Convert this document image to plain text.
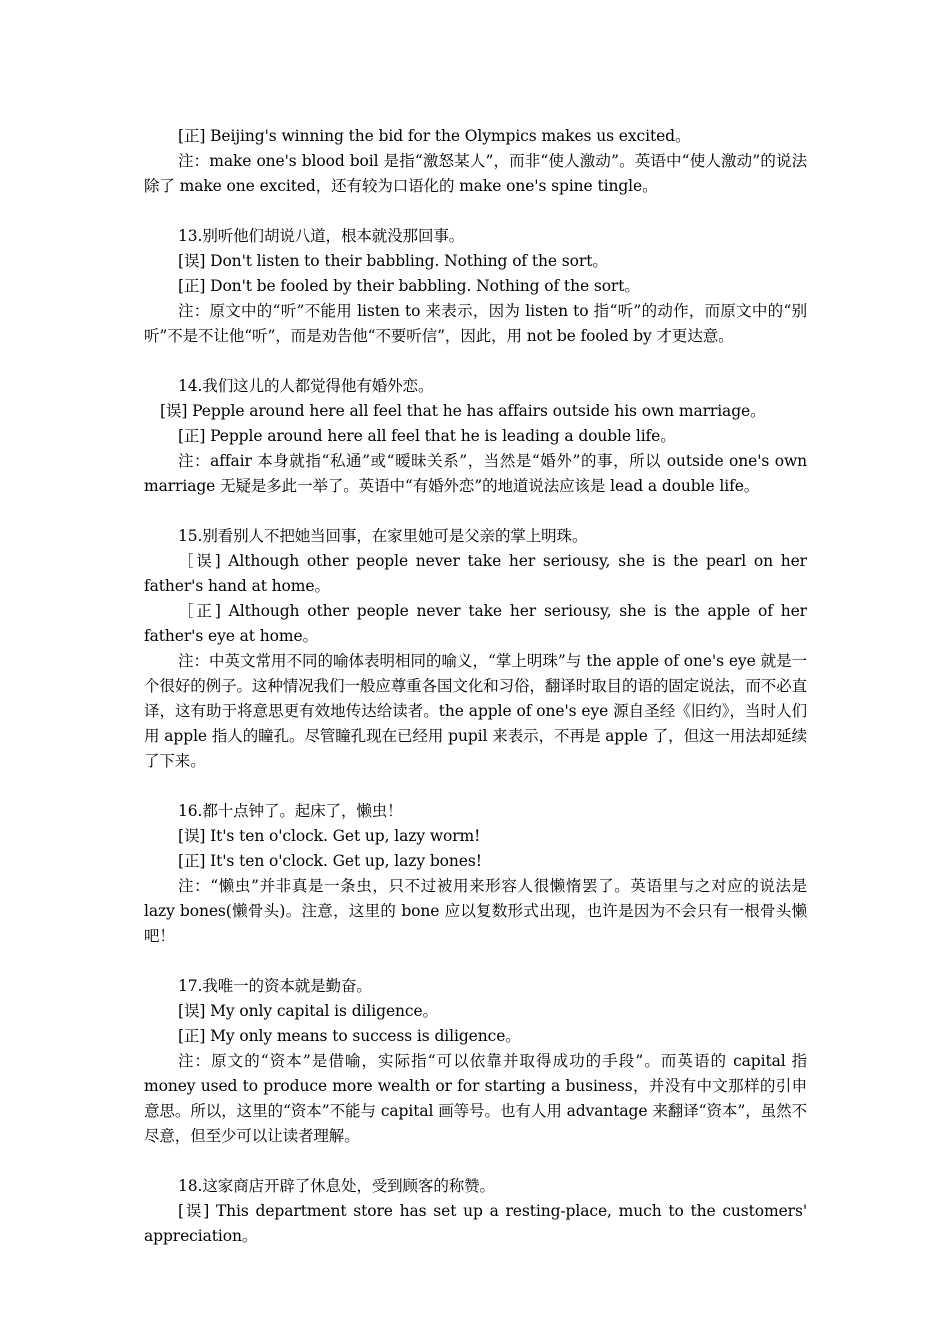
[正] Beijing's winning the bid for the Olympics makes us excited。
注：make one's blood boil 是指“激怒某人”，而非“使人激动”。英语中“使人激动”的说法除了 make one excited，还有较为口语化的 make one's spine tingle。
13.别听他们胡说八道，根本就没那回事。
[误] Don't listen to their babbling. Nothing of the sort。
[正] Don't be fooled by their babbling. Nothing of the sort。
注：原文中的“听”不能用 listen to 来表示，因为 listen to 指“听”的动作，而原文中的“别听”不是不让他“听”，而是劝告他“不要听信”，因此，用 not be fooled by 才更达意。
14.我们这儿的人都觉得他有婚外恋。
[误] Pepple around here all feel that he has affairs outside his own marriage。
[正] Pepple around here all feel that he is leading a double life。
注：affair 本身就指“私通”或“暧昧关系”，当然是“婚外”的事，所以 outside one's own marriage 无疑是多此一举了。英语中“有婚外恋”的地道说法应该是 lead a double life。
15.别看别人不把她当回事，在家里她可是父亲的掌上明珠。
［误] Although other people never take her seriousy, she is the pearl on her father's hand at home。
［正] Although other people never take her seriousy, she is the apple of her father's eye at home。
注：中英文常用不同的喻体表明相同的喻义，“掌上明珠”与 the apple of one's eye 就是一个很好的例子。这种情况我们一般应尊重各国文化和习俗，翻译时取目的语的固定说法，而不必直译，这有助于将意思更有效地传达给读者。the apple of one's eye 源自圣经《旧约》，当时人们用 apple 指人的瞳孔。尽管瞳孔现在已经用 pupil 来表示，不再是 apple 了，但这一用法却延续了下来。
16.都十点钟了。起床了，懒虫！
[误] It's ten o'clock. Get up, lazy worm!
[正] It's ten o'clock. Get up, lazy bones!
注：“懒虫”并非真是一条虫，只不过被用来形容人很懒惰罢了。英语里与之对应的说法是 lazy bones(懒骨头)。注意，这里的 bone 应以复数形式出现，也许是因为不会只有一根骨头懒吧！
17.我唯一的资本就是勤奋。
[误] My only capital is diligence。
[正] My only means to success is diligence。
注：原文的“资本”是借喻，实际指“可以依靠并取得成功的手段”。而英语的 capital 指 money used to produce more wealth or for starting a business，并没有中文那样的引申意思。所以，这里的“资本”不能与 capital 画等号。也有人用 advantage 来翻译“资本”，虽然不尽意，但至少可以让读者理解。
18.这家商店开辟了休息处，受到顾客的称赞。
[误] This department store has set up a resting-place, much to the customers' appreciation。
